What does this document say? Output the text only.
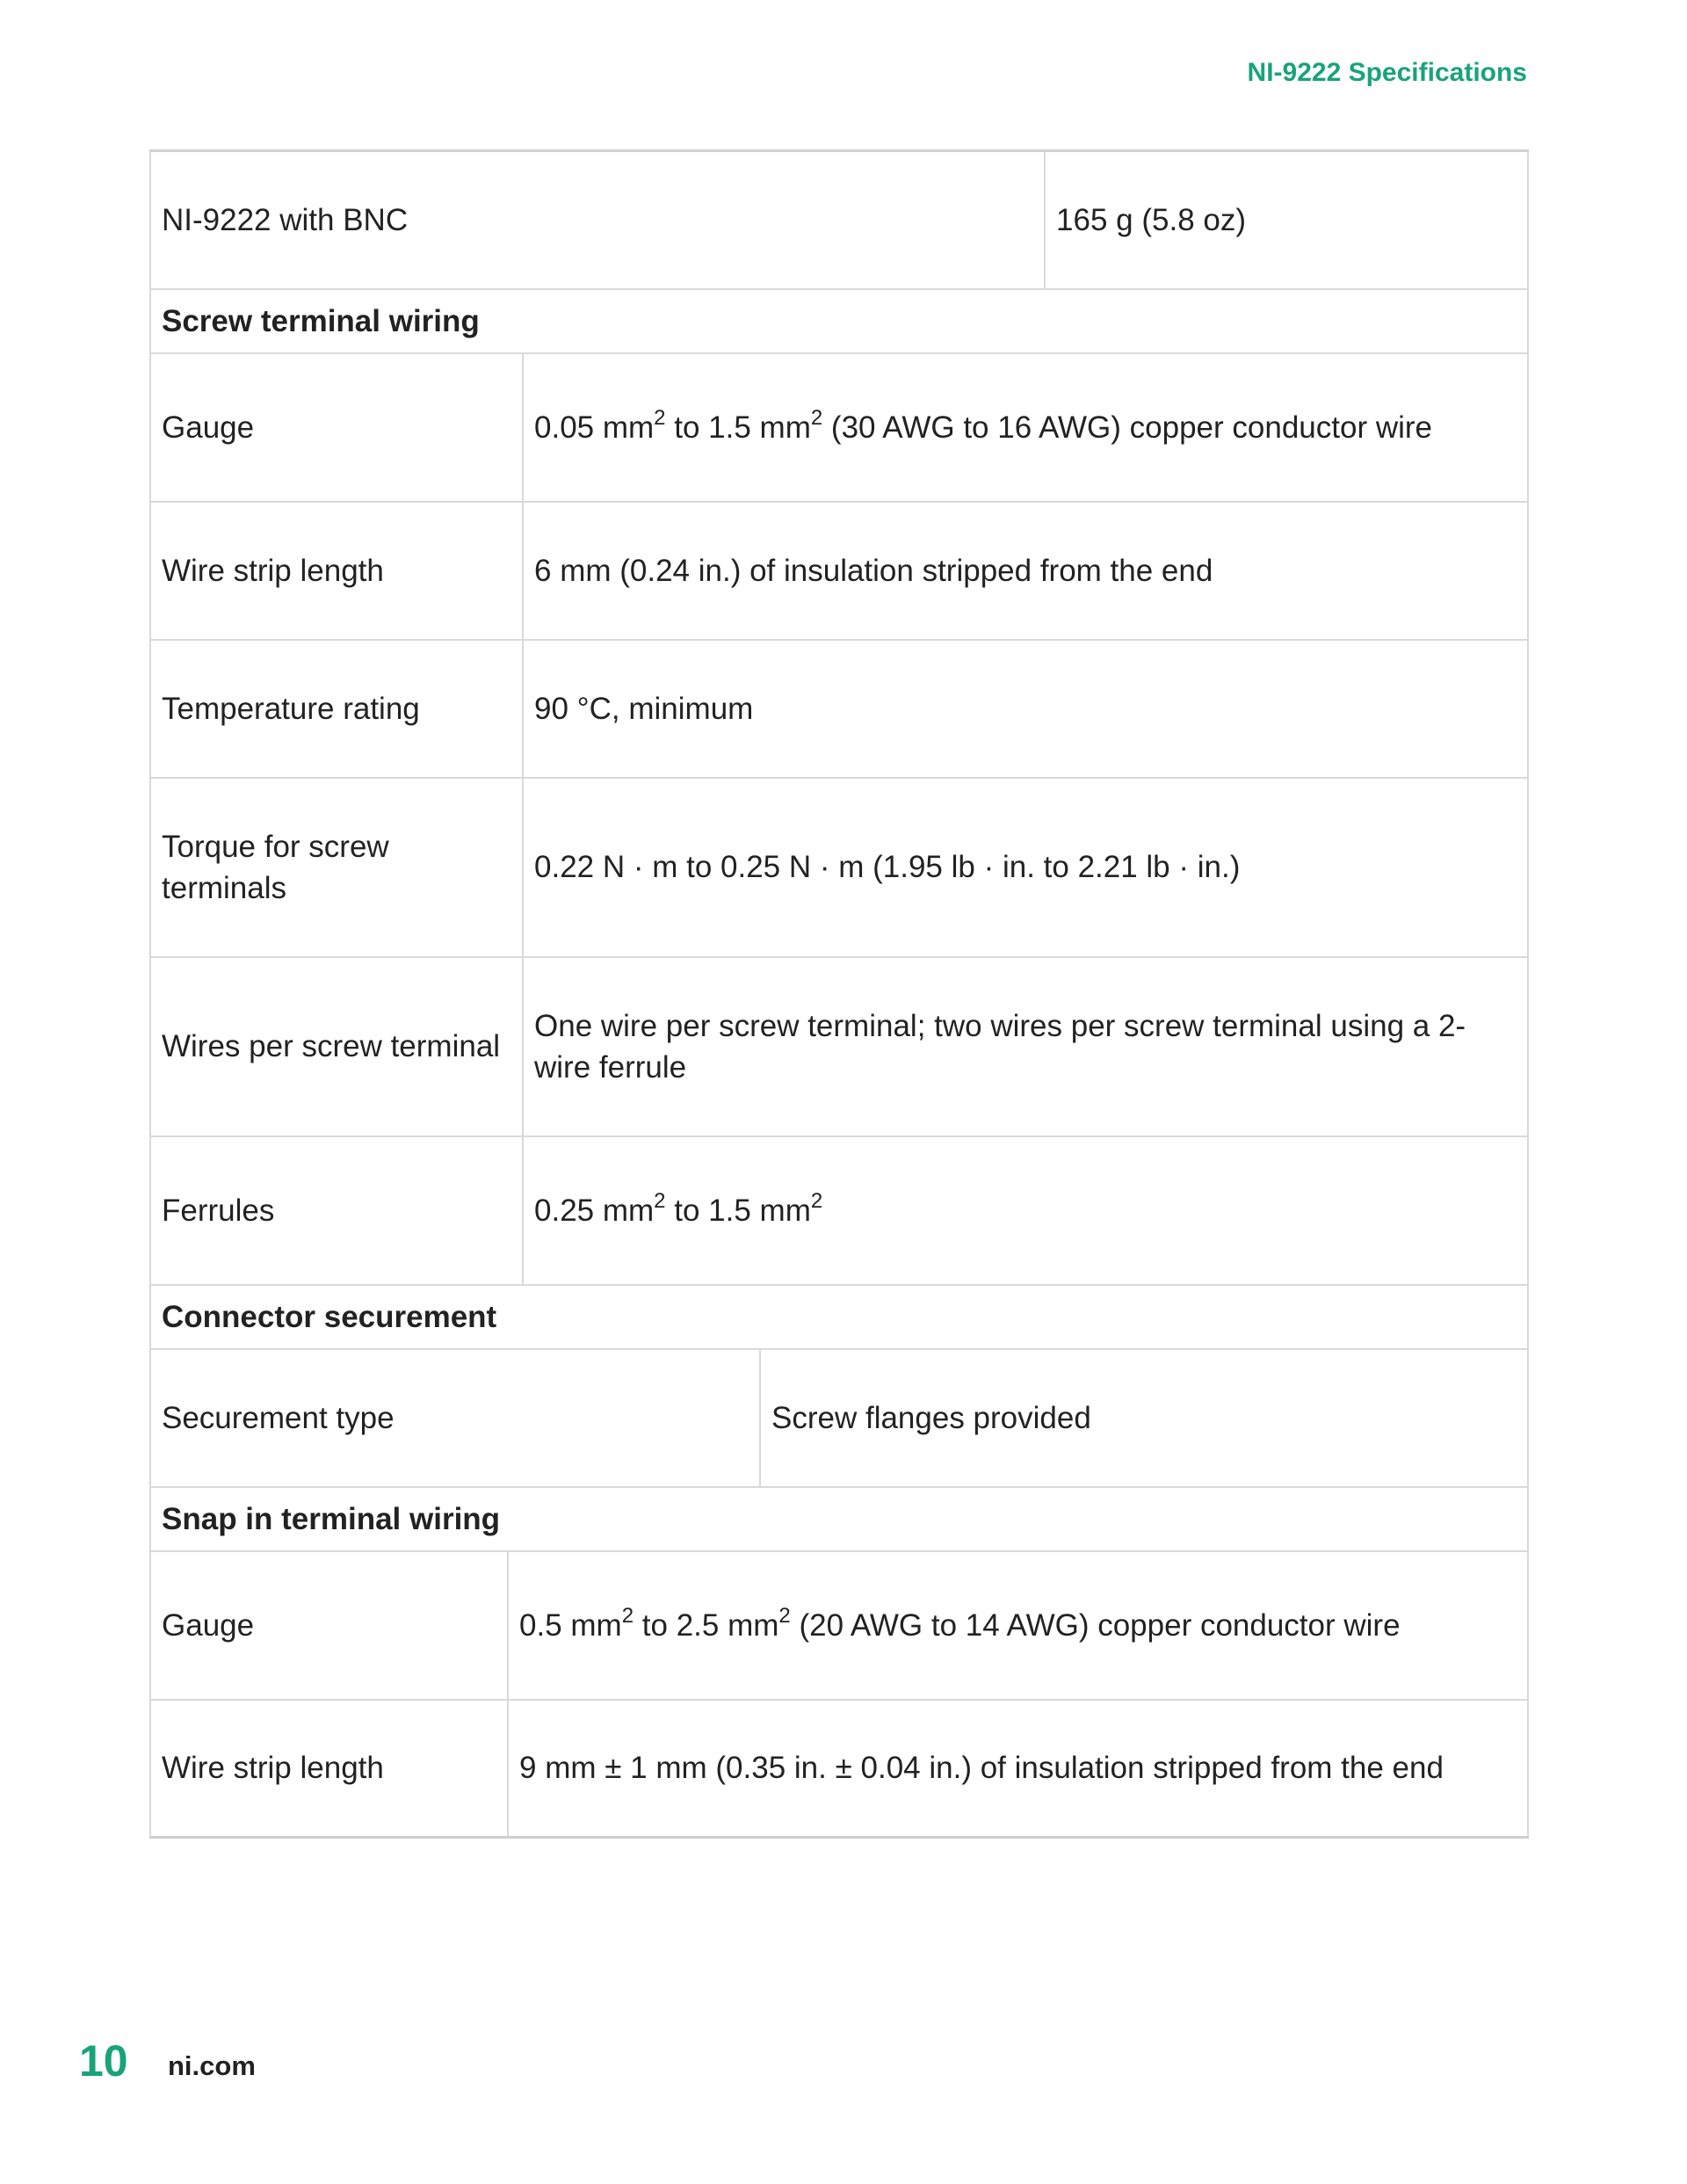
NI-9222 Specifications
NI-9222 with BNC				165 g (5.8 oz)
Screw terminal wiring				
Gauge		0.05 $mm^2$ to 1.5 $mm^2$ (30 AWG to 16 AWG) copper conductor wire		
Wire strip length		6 mm (0.24 in.) of insulation stripped from the end		
Temperature rating		90 °C, minimum		
Torque for screw terminals		0.22 N · m to 0.25 N · m (1.95 lb · in. to 2.21 lb · in.)		
Wires per screw terminal		One wire per screw terminal; two wires per screw terminal using a 2-wire ferrule		
Ferrules		0.25 $mm^2$ to 1.5 $mm^2$
Connector securement				
Securement type			Screw flanges provided	
Snap in terminal wiring				
Gauge	0.5 $mm^2$ to 2.5 $mm^2$ (20 AWG to 14 AWG) copper conductor wire			
Wire strip length	9 mm ± 1 mm (0.35 in. ± 0.04 in.) of insulation stripped from the end			
10 ni.com
